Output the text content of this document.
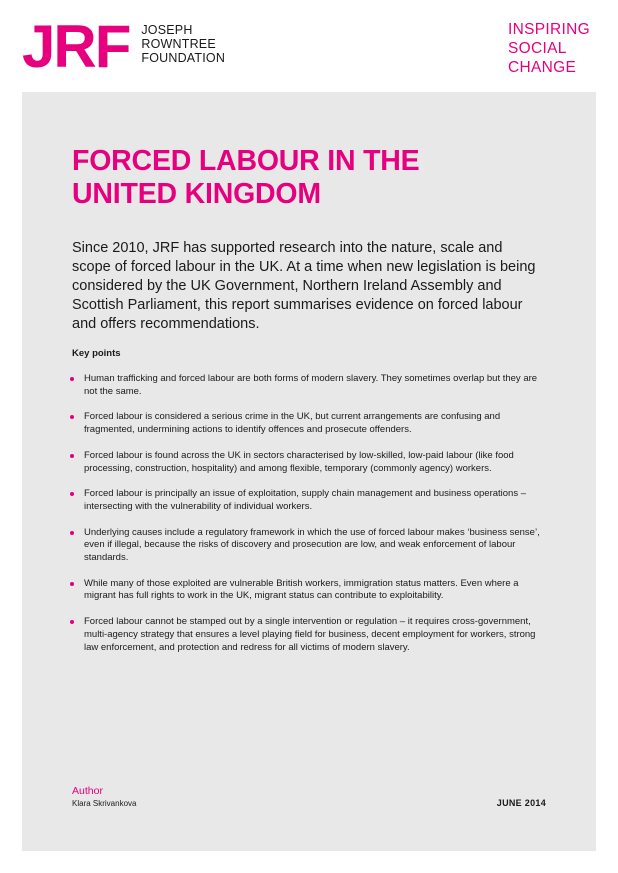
JRF JOSEPH
ROWNTREE
FOUNDATION
INSPIRING
SOCIAL
CHANGE
FORCED LABOUR IN THE
UNITED KINGDOM

Since 2010, JRF has supported research into the nature, scale and scope of forced labour in the UK. At a time when new legislation is being considered by the UK Government, Northern Ireland Assembly and Scottish Parliament, this report summarises evidence on forced labour and offers recommendations.

Key points
Human trafficking and forced labour are both forms of modern slavery. They sometimes overlap but they are not the same.
Forced labour is considered a serious crime in the UK, but current arrangements are confusing and fragmented, undermining actions to identify offences and prosecute offenders.
Forced labour is found across the UK in sectors characterised by low-skilled, low-paid labour (like food processing, construction, hospitality) and among flexible, temporary (commonly agency) workers.
Forced labour is principally an issue of exploitation, supply chain management and business operations – intersecting with the vulnerability of individual workers.
Underlying causes include a regulatory framework in which the use of forced labour makes ‘business sense’, even if illegal, because the risks of discovery and prosecution are low, and weak enforcement of labour standards.
While many of those exploited are vulnerable British workers, immigration status matters. Even where a migrant has full rights to work in the UK, migrant status can contribute to exploitability.
Forced labour cannot be stamped out by a single intervention or regulation – it requires cross-government, multi-agency strategy that ensures a level playing field for business, decent employment for workers, strong law enforcement, and protection and redress for all victims of modern slavery.
Author
Klara Skrivankova	JUNE 2014
